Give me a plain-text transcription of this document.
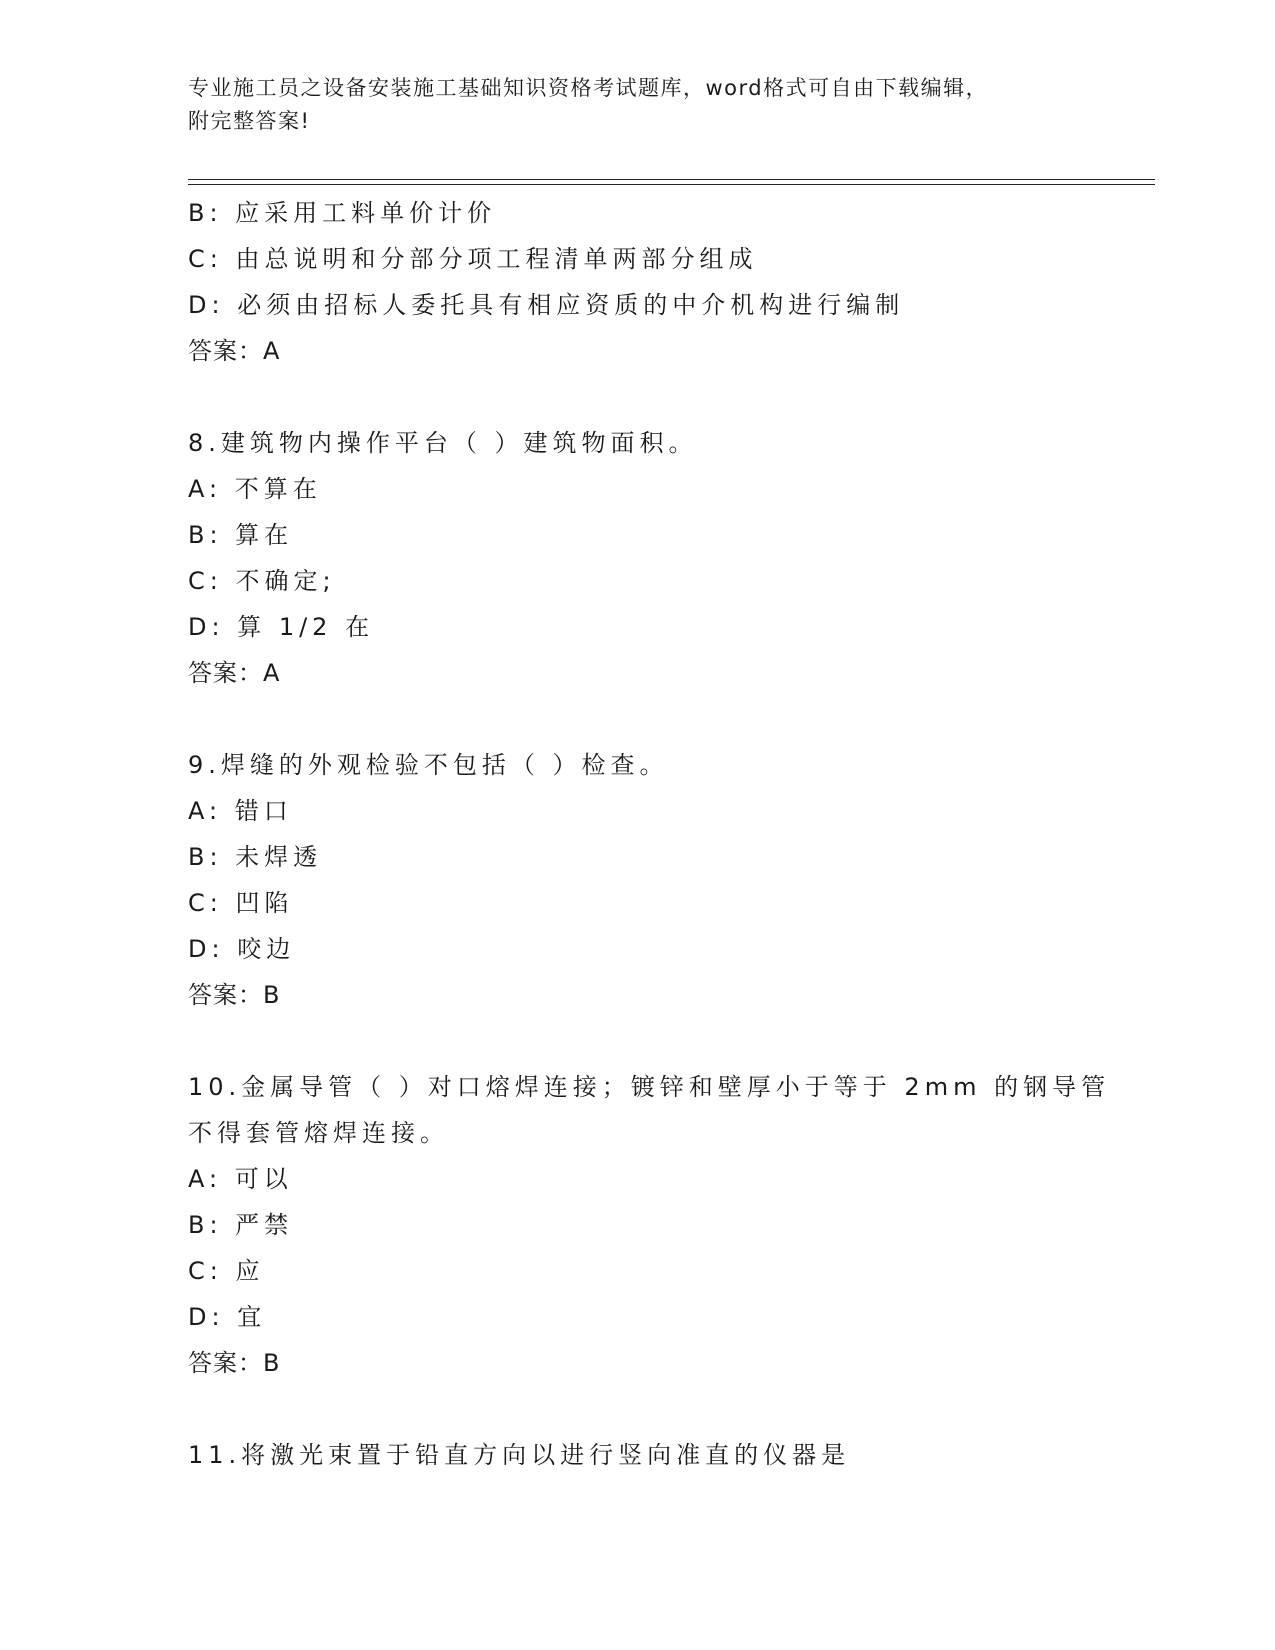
专业施工员之设备安装施工基础知识资格考试题库，word格式可自由下载编辑，
附完整答案!
B: 应采用工料单价计价
C: 由总说明和分部分项工程清单两部分组成
D: 必须由招标人委托具有相应资质的中介机构进行编制
答案：A
8.建筑物内操作平台（ ）建筑物面积。
A: 不算在
B: 算在
C: 不确定;
D: 算 1/2 在
答案：A
9.焊缝的外观检验不包括（ ）检查。
A: 错口
B: 未焊透
C: 凹陷
D: 咬边
答案：B
10.金属导管（ ）对口熔焊连接；镀锌和壁厚小于等于 2mm 的钢导管
不得套管熔焊连接。
A: 可以
B: 严禁
C: 应
D: 宜
答案：B
11.将激光束置于铅直方向以进行竖向准直的仪器是
